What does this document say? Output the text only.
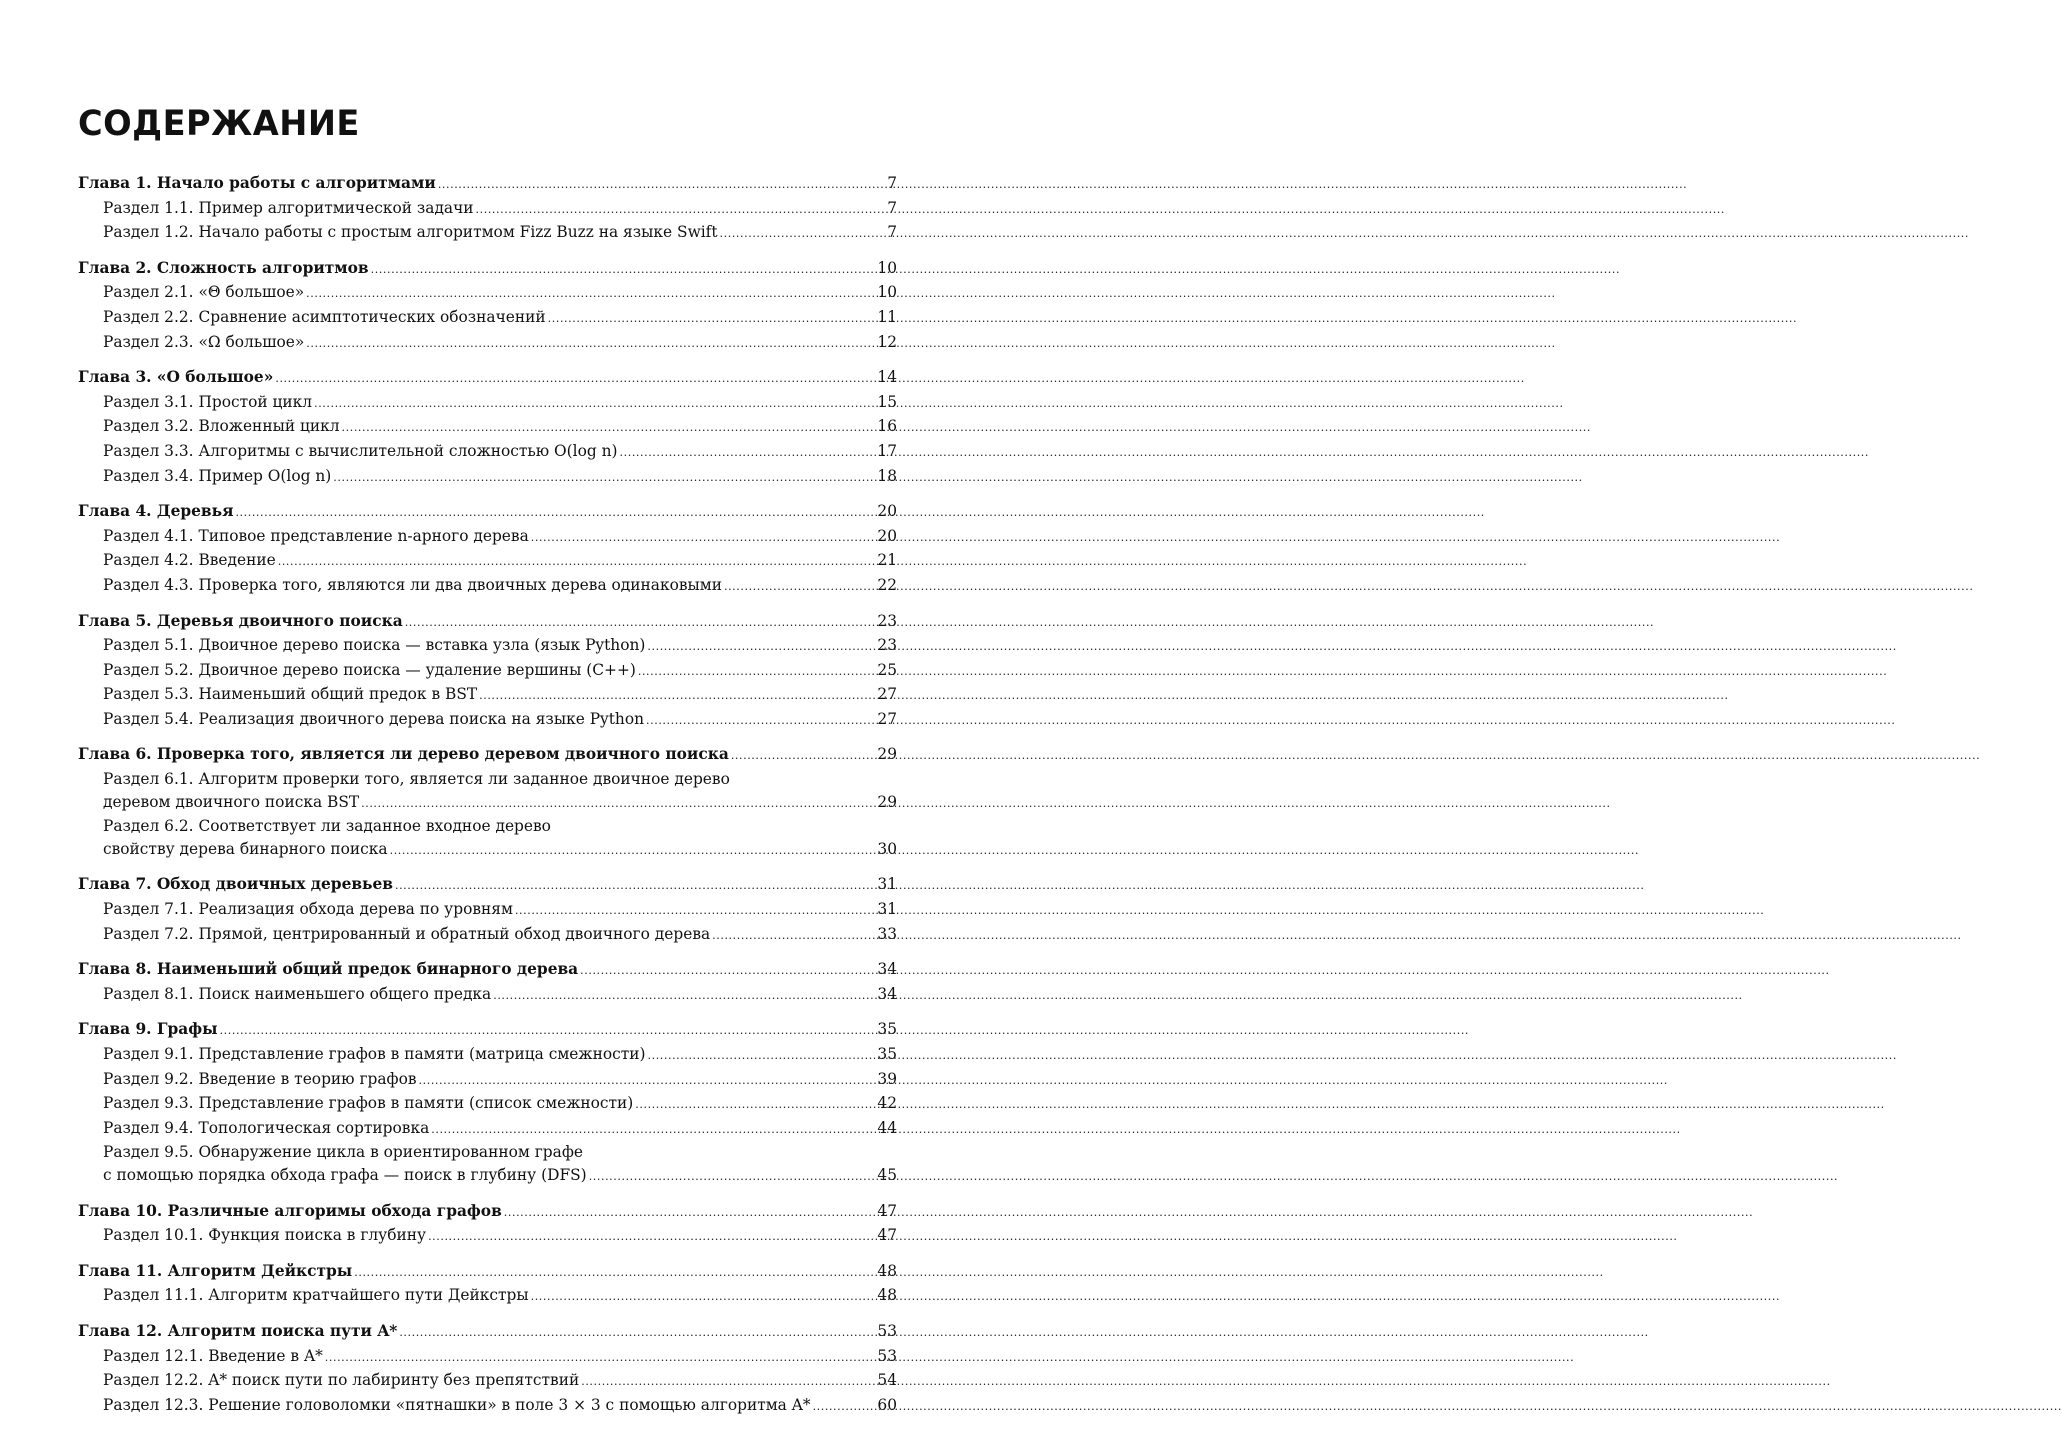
СОДЕРЖАНИЕ
Глава 1. Начало работы с алгоритмами .....	7
Раздел 1.1. Пример алгоритмической задачи .....	7
Раздел 1.2. Начало работы с простым алгоритмом Fizz Buzz на языке Swift .....	7
Глава 2. Сложность алгоритмов .....	10
Раздел 2.1. «Θ большое» .....	10
Раздел 2.2. Сравнение асимптотических обозначений .....	11
Раздел 2.3. «Ω большое» .....	12
Глава 3. «О большое» .....	14
Раздел 3.1. Простой цикл .....	15
Раздел 3.2. Вложенный цикл .....	16
Раздел 3.3. Алгоритмы с вычислительной сложностью O(log n) .....	17
Раздел 3.4. Пример O(log n) .....	18
Глава 4. Деревья .....	20
Раздел 4.1. Типовое представление n-арного дерева .....	20
Раздел 4.2. Введение .....	21
Раздел 4.3. Проверка того, являются ли два двоичных дерева одинаковыми .....	22
Глава 5. Деревья двоичного поиска .....	23
Раздел 5.1. Двоичное дерево поиска — вставка узла (язык Python) .....	23
Раздел 5.2. Двоичное дерево поиска — удаление вершины (C++) .....	25
Раздел 5.3. Наименьший общий предок в BST .....	27
Раздел 5.4. Реализация двоичного дерева поиска на языке Python .....	27
Глава 6. Проверка того, является ли дерево деревом двоичного поиска .....	29
Раздел 6.1. Алгоритм проверки того, является ли заданное двоичное дерево
деревом двоичного поиска BST .....	29
Раздел 6.2. Соответствует ли заданное входное дерево
свойству дерева бинарного поиска .....	30
Глава 7. Обход двоичных деревьев .....	31
Раздел 7.1. Реализация обхода дерева по уровням .....	31
Раздел 7.2. Прямой, центрированный и обратный обход двоичного дерева .....	33
Глава 8. Наименьший общий предок бинарного дерева .....	34
Раздел 8.1. Поиск наименьшего общего предка .....	34
Глава 9. Графы .....	35
Раздел 9.1. Представление графов в памяти (матрица смежности) .....	35
Раздел 9.2. Введение в теорию графов .....	39
Раздел 9.3. Представление графов в памяти (список смежности) .....	42
Раздел 9.4. Топологическая сортировка .....	44
Раздел 9.5. Обнаружение цикла в ориентированном графе
с помощью порядка обхода графа — поиск в глубину (DFS) .....	45
Глава 10. Различные алгоримы обхода графов .....	47
Раздел 10.1. Функция поиска в глубину .....	47
Глава 11. Алгоритм Дейкстры .....	48
Раздел 11.1. Алгоритм кратчайшего пути Дейкстры .....	48
Глава 12. Алгоритм поиска пути A* .....	53
Раздел 12.1. Введение в A* .....	53
Раздел 12.2. A* поиск пути по лабиринту без препятствий .....	54
Раздел 12.3. Решение головоломки «пятнашки» в поле 3 × 3 с помощью алгоритма A* .....	60
